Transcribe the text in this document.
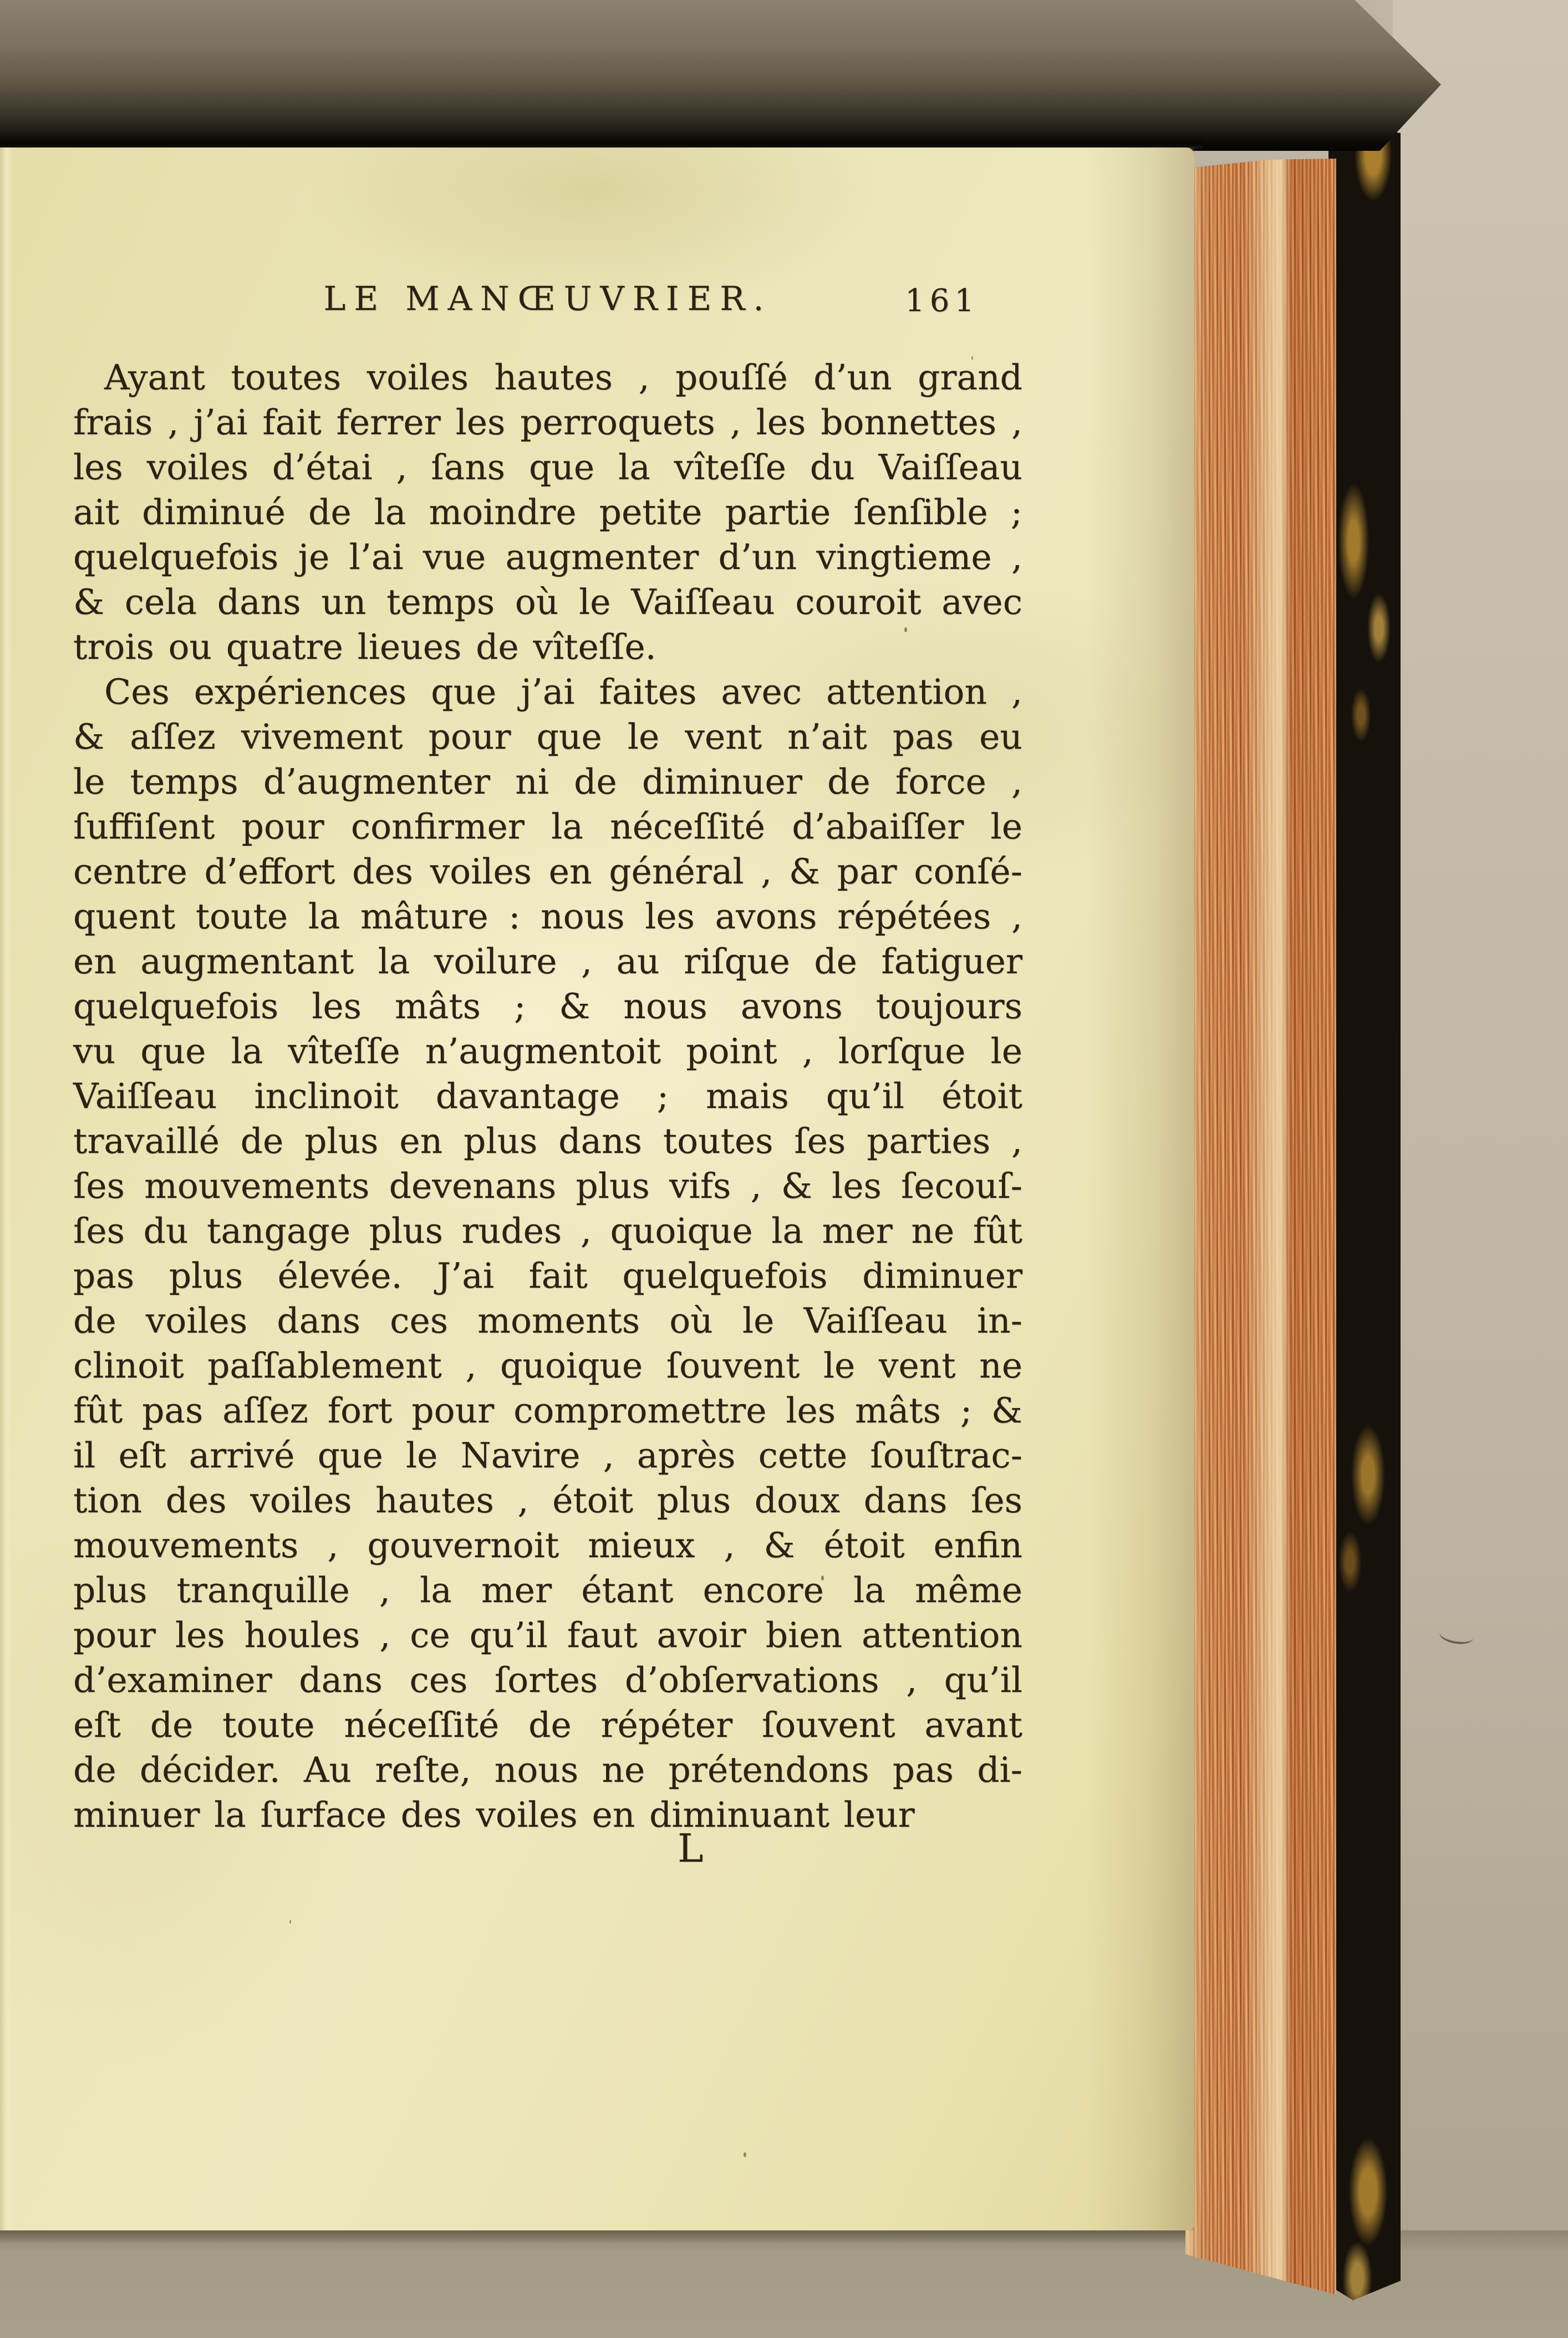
LE MANŒUVRIER.	161
Ayant toutes voiles hautes , pouſſé d’un grand
frais , j’ai fait ferrer les perroquets , les bonnettes ,
les voiles d’étai , ſans que la vîteſſe du Vaiſſeau
ait diminué de la moindre petite partie ſenſible ;
quelquefois je l’ai vue augmenter d’un vingtieme ,
& cela dans un temps où le Vaiſſeau couroit avec
trois ou quatre lieues de vîteſſe.
Ces expériences que j’ai faites avec attention ,
& aſſez vivement pour que le vent n’ait pas eu
le temps d’augmenter ni de diminuer de force ,
ſuffiſent pour confirmer la néceſſité d’abaiſſer le
centre d’effort des voiles en général , & par conſé-
quent toute la mâture : nous les avons répétées ,
en augmentant la voilure , au riſque de fatiguer
quelquefois les mâts ; & nous avons toujours
vu que la vîteſſe n’augmentoit point , lorſque le
Vaiſſeau inclinoit davantage ; mais qu’il étoit
travaillé de plus en plus dans toutes ſes parties ,
ſes mouvements devenans plus vifs , & les ſecouſ-
ſes du tangage plus rudes , quoique la mer ne fût
pas plus élevée. J’ai fait quelquefois diminuer
de voiles dans ces moments où le Vaiſſeau in-
clinoit paſſablement , quoique ſouvent le vent ne
fût pas aſſez fort pour compromettre les mâts ; &
il eſt arrivé que le Navire , après cette ſouſtrac-
tion des voiles hautes , étoit plus doux dans ſes
mouvements , gouvernoit mieux , & étoit enfin
plus tranquille , la mer étant encore la même
pour les houles , ce qu’il faut avoir bien attention
d’examiner dans ces ſortes d’obſervations , qu’il
eſt de toute néceſſité de répéter ſouvent avant
de décider. Au reſte, nous ne prétendons pas di-
minuer la ſurface des voiles en diminuant leur
L
